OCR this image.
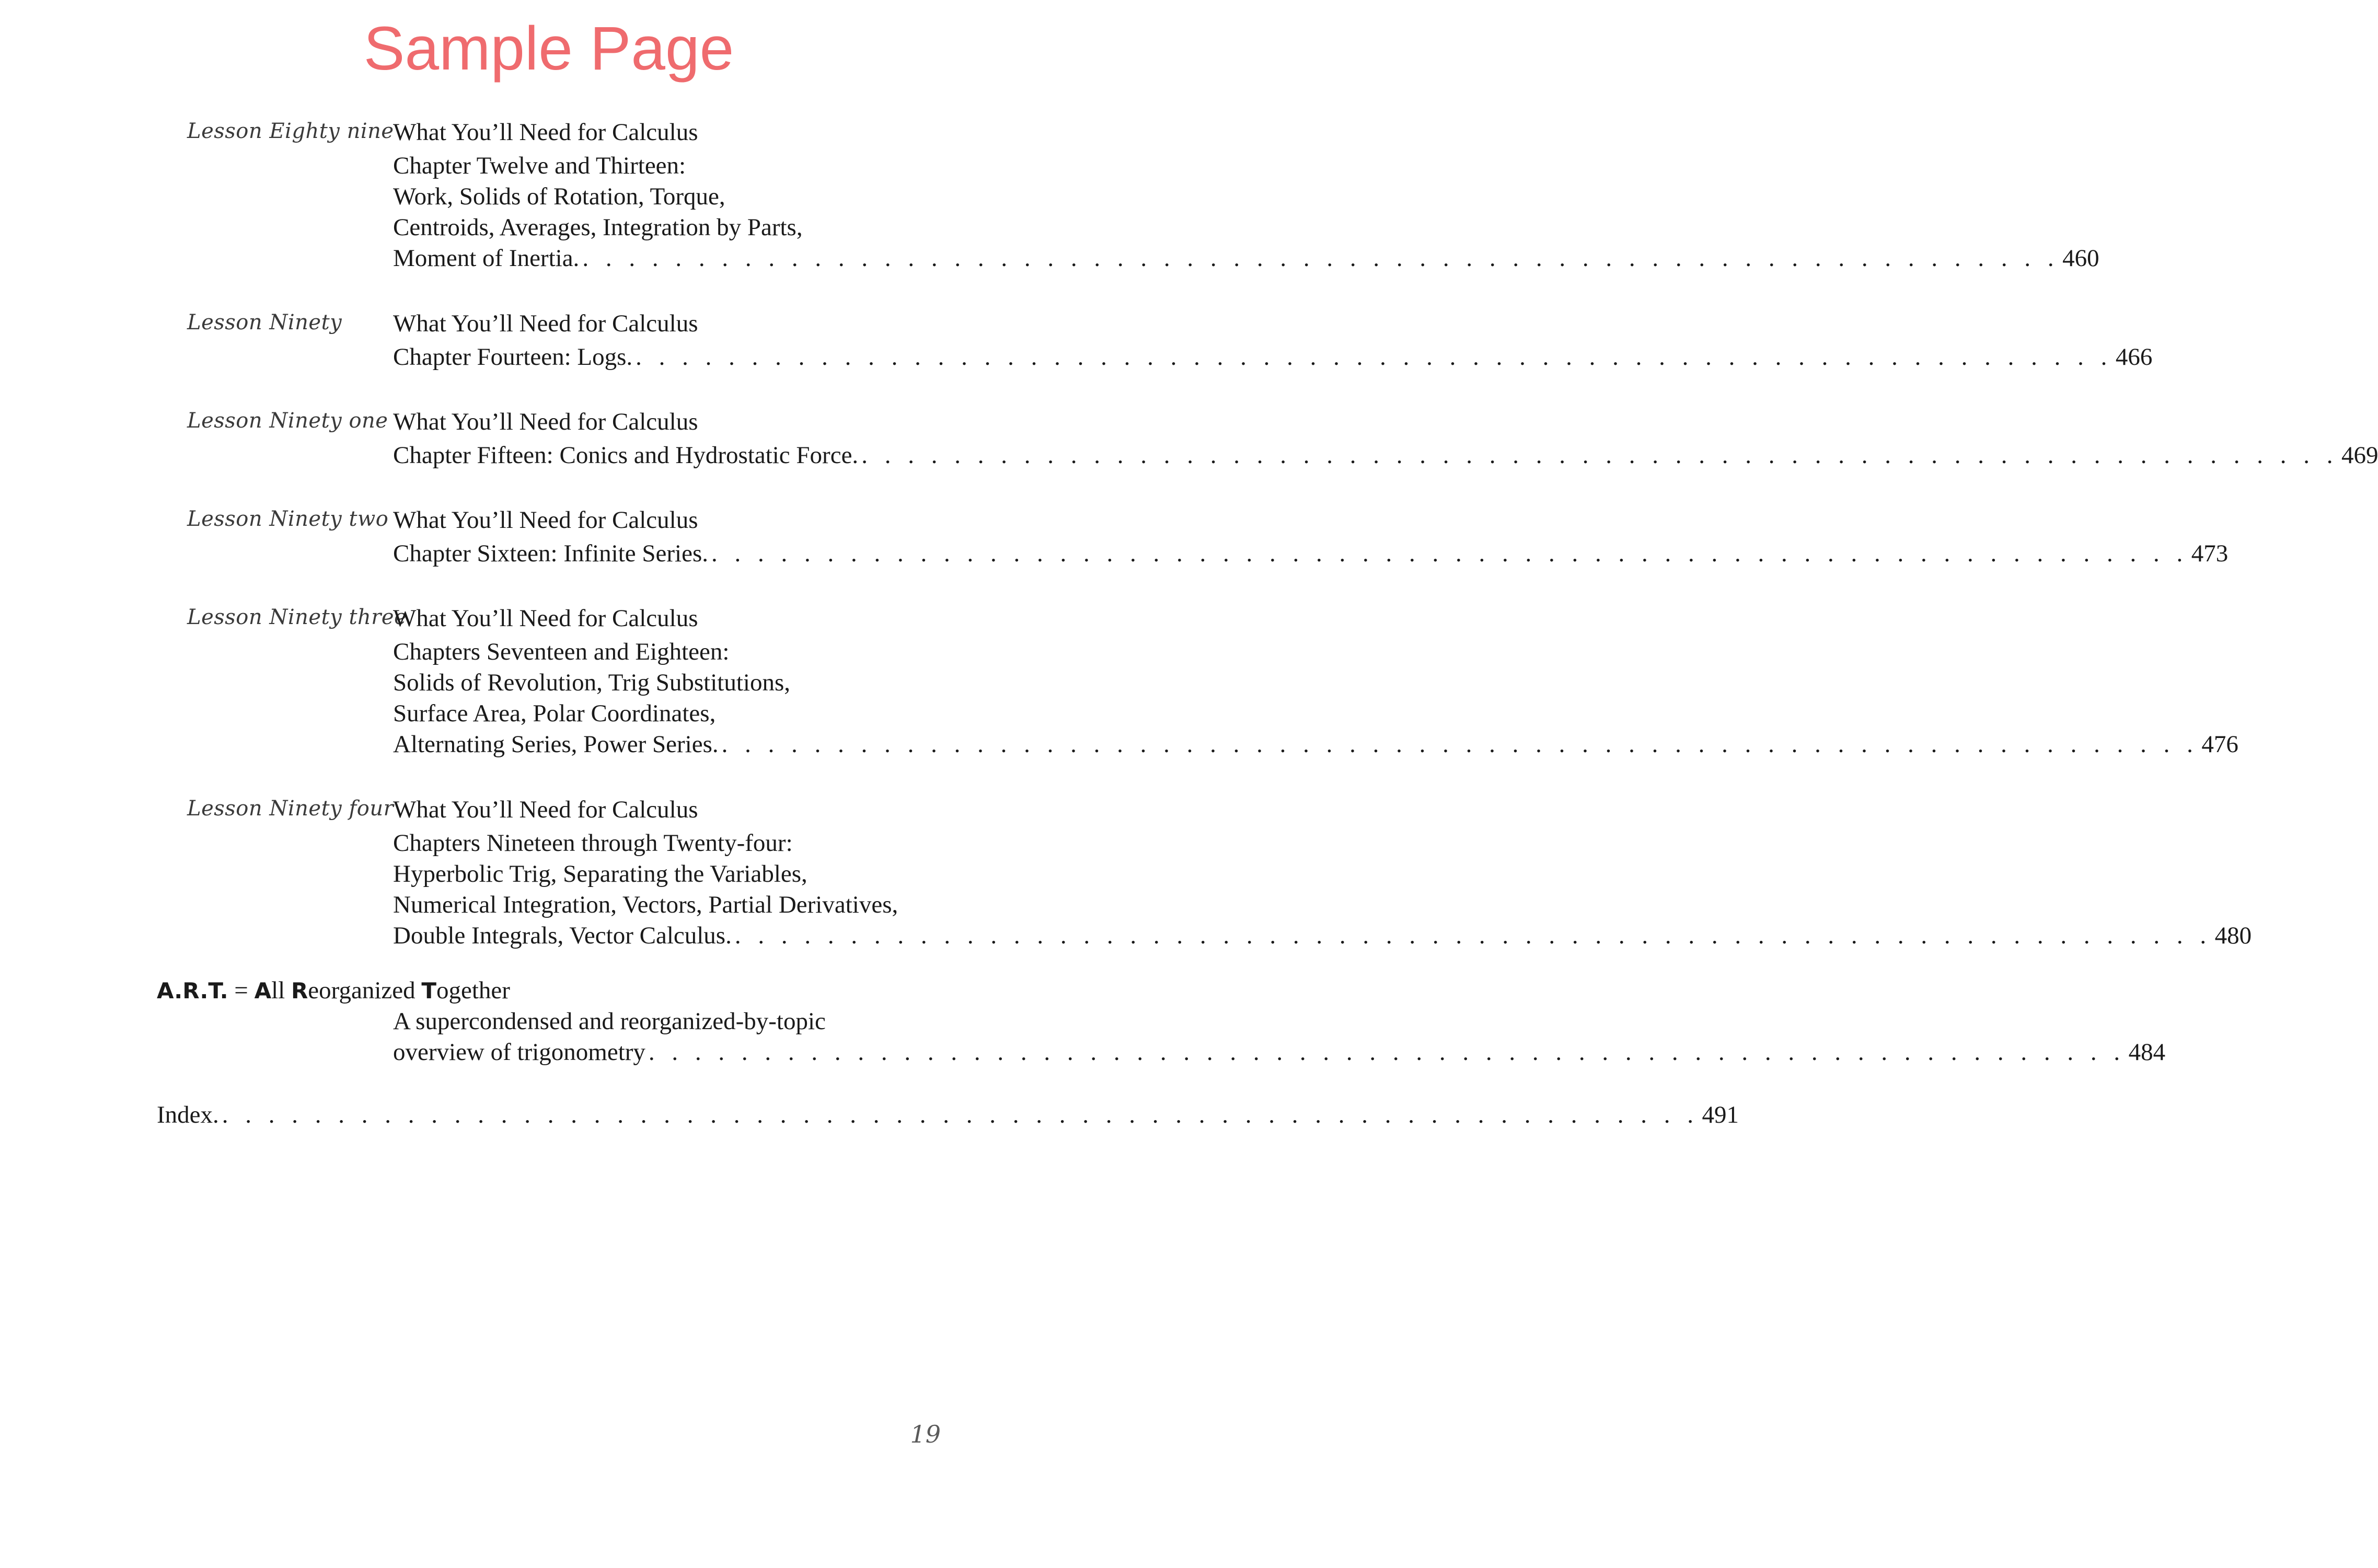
Sample Page
Lesson Eighty nine
What You’ll Need for Calculus
Chapter Twelve and Thirteen:
Work, Solids of Rotation, Torque,
Centroids, Averages, Integration by Parts,
Moment of Inertia. . . . . . . . . . . . . . . . . . . . . . . . . . . . . . . . . . . . . . . . . . . . . . . . . . . . . . . . . . . . . . . . . 460
Lesson Ninety	What You’ll Need for Calculus
Chapter Fourteen: Logs. . . . . . . . . . . . . . . . . . . . . . . . . . . . . . . . . . . . . . . . . . . . . . . . . . . . . . . . . . . . . . . . . 466
Lesson Ninety one What You’ll Need for Calculus
Chapter Fifteen: Conics and Hydrostatic Force. . . . . . . . . . . . . . . . . . . . . . . . . . . . . . . . . . . . . . . . . . . . . . . . . . . . . . . . . . . . . . . . . 469
Lesson Ninety two What You’ll Need for Calculus
Chapter Sixteen: Infinite Series. . . . . . . . . . . . . . . . . . . . . . . . . . . . . . . . . . . . . . . . . . . . . . . . . . . . . . . . . . . . . . . . . 473
Lesson Ninety three
What You’ll Need for Calculus
Chapters Seventeen and Eighteen:
Solids of Revolution, Trig Substitutions,
Surface Area, Polar Coordinates,
Alternating Series, Power Series. . . . . . . . . . . . . . . . . . . . . . . . . . . . . . . . . . . . . . . . . . . . . . . . . . . . . . . . . . . . . . . . . 476
Lesson Ninety four
What You’ll Need for Calculus
Chapters Nineteen through Twenty-four:
Hyperbolic Trig, Separating the Variables,
Numerical Integration, Vectors, Partial Derivatives,
Double Integrals, Vector Calculus. . . . . . . . . . . . . . . . . . . . . . . . . . . . . . . . . . . . . . . . . . . . . . . . . . . . . . . . . . . . . . . . . 480
A.R.T. = All Reorganized Together
A supercondensed and reorganized-by-topic
overview of trigonometry . . . . . . . . . . . . . . . . . . . . . . . . . . . . . . . . . . . . . . . . . . . . . . . . . . . . . . . . . . . . . . . . 484
Index. . . . . . . . . . . . . . . . . . . . . . . . . . . . . . . . . . . . . . . . . . . . . . . . . . . . . . . . . . . . . . . . . 491
19
